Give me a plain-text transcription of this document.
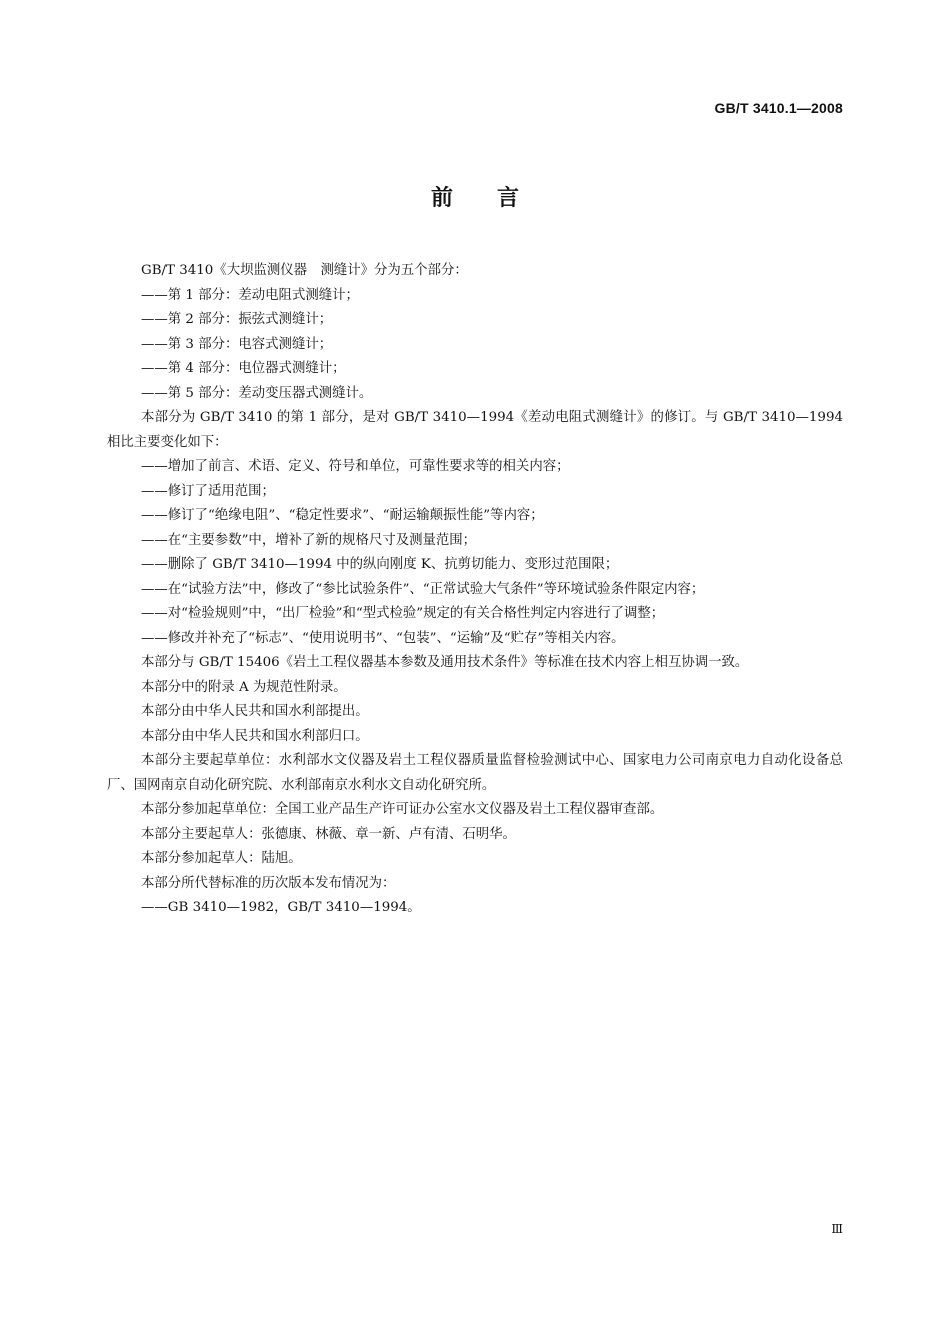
GB/T 3410.1—2008
前言
GB/T 3410《大坝监测仪器　测缝计》分为五个部分：
——第 1 部分：差动电阻式测缝计；
——第 2 部分：振弦式测缝计；
——第 3 部分：电容式测缝计；
——第 4 部分：电位器式测缝计；
——第 5 部分：差动变压器式测缝计。
本部分为 GB/T 3410 的第 1 部分，是对 GB/T 3410—1994《差动电阻式测缝计》的修订。与 GB/T 3410—1994 相比主要变化如下：
——增加了前言、术语、定义、符号和单位，可靠性要求等的相关内容；
——修订了适用范围；
——修订了“绝缘电阻”、“稳定性要求”、“耐运输颠振性能”等内容；
——在“主要参数”中，增补了新的规格尺寸及测量范围；
——删除了 GB/T 3410—1994 中的纵向刚度 K、抗剪切能力、变形过范围限；
——在“试验方法”中，修改了“参比试验条件”、“正常试验大气条件”等环境试验条件限定内容；
——对“检验规则”中，“出厂检验”和“型式检验”规定的有关合格性判定内容进行了调整；
——修改并补充了“标志”、“使用说明书”、“包装”、“运输”及“贮存”等相关内容。
本部分与 GB/T 15406《岩土工程仪器基本参数及通用技术条件》等标准在技术内容上相互协调一致。
本部分中的附录 A 为规范性附录。
本部分由中华人民共和国水利部提出。
本部分由中华人民共和国水利部归口。
本部分主要起草单位：水利部水文仪器及岩土工程仪器质量监督检验测试中心、国家电力公司南京电力自动化设备总厂、国网南京自动化研究院、水利部南京水利水文自动化研究所。
本部分参加起草单位：全国工业产品生产许可证办公室水文仪器及岩土工程仪器审查部。
本部分主要起草人：张德康、林薇、章一新、卢有清、石明华。
本部分参加起草人：陆旭。
本部分所代替标准的历次版本发布情况为：
——GB 3410—1982，GB/T 3410—1994。
Ⅲ
